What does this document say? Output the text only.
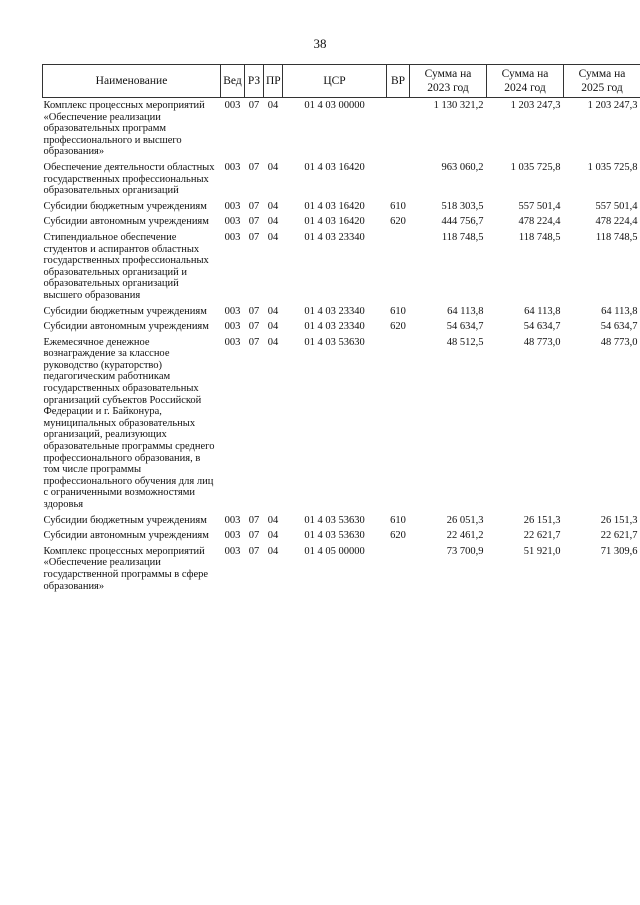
38
Наименование	Вед	РЗ	ПР	ЦСР	ВР	Сумма на 2023 год	Сумма на 2024 год	Сумма на 2025 год
Комплекс процессных мероприятий «Обеспечение реализации образовательных программ профессионального и высшего образования»	003	07	04	01 4 03 00000		1 130 321,2	1 203 247,3	1 203 247,3
Обеспечение деятельности областных государственных профессиональных образовательных организаций	003	07	04	01 4 03 16420		963 060,2	1 035 725,8	1 035 725,8
Субсидии бюджетным учреждениям	003	07	04	01 4 03 16420	610	518 303,5	557 501,4	557 501,4
Субсидии автономным учреждениям	003	07	04	01 4 03 16420	620	444 756,7	478 224,4	478 224,4
Стипендиальное обеспечение студентов и аспирантов областных государственных профессиональных образовательных организаций и образовательных организаций высшего образования	003	07	04	01 4 03 23340		118 748,5	118 748,5	118 748,5
Субсидии бюджетным учреждениям	003	07	04	01 4 03 23340	610	64 113,8	64 113,8	64 113,8
Субсидии автономным учреждениям	003	07	04	01 4 03 23340	620	54 634,7	54 634,7	54 634,7
Ежемесячное денежное вознаграждение за классное руководство (кураторство) педагогическим работникам государственных образовательных организаций субъектов Российской Федерации и г. Байконура, муниципальных образовательных организаций, реализующих образовательные программы среднего профессионального образования, в том числе программы профессионального обучения для лиц с ограниченными возможностями здоровья	003	07	04	01 4 03 53630		48 512,5	48 773,0	48 773,0
Субсидии бюджетным учреждениям	003	07	04	01 4 03 53630	610	26 051,3	26 151,3	26 151,3
Субсидии автономным учреждениям	003	07	04	01 4 03 53630	620	22 461,2	22 621,7	22 621,7
Комплекс процессных мероприятий «Обеспечение реализации государственной программы в сфере образования»	003	07	04	01 4 05 00000		73 700,9	51 921,0	71 309,6
